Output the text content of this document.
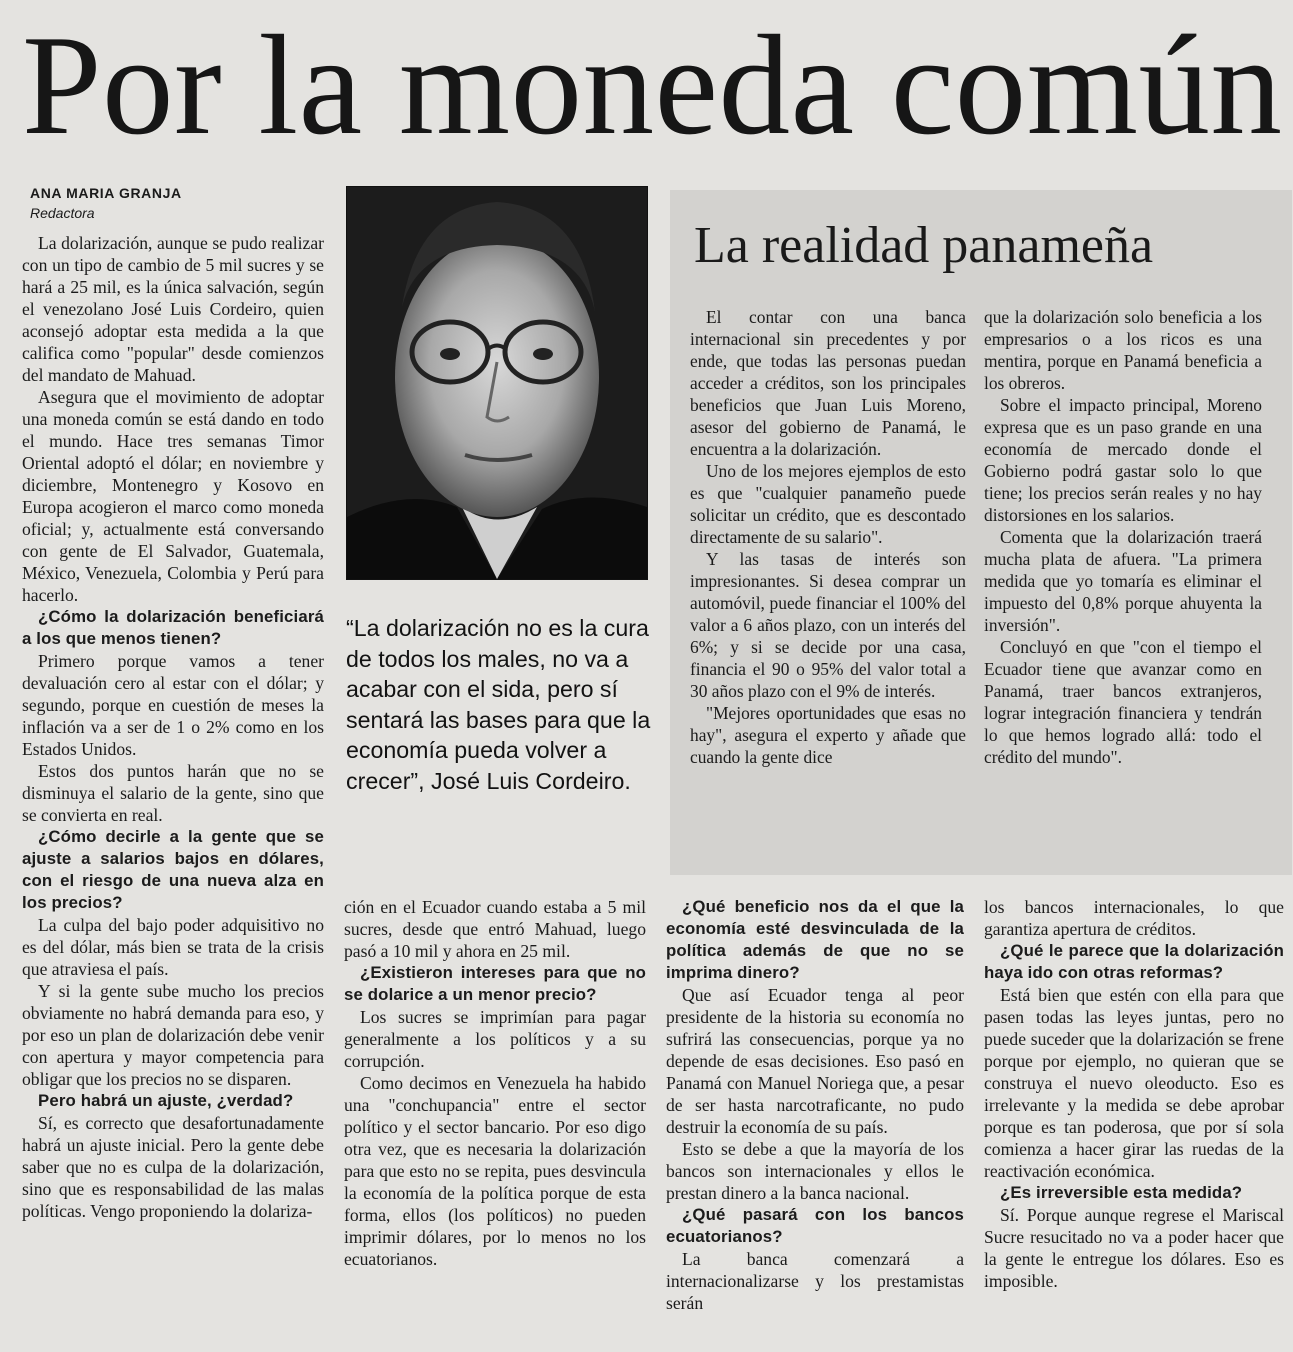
Por la moneda común
ANA MARIA GRANJA
Redactora

La dolarización, aunque se pudo realizar con un tipo de cambio de 5 mil sucres y se hará a 25 mil, es la única salvación, según el venezolano José Luis Cordeiro, quien aconsejó adoptar esta medida a la que califica como "popular" desde comienzos del mandato de Mahuad.

Asegura que el movimiento de adoptar una moneda común se está dando en todo el mundo. Hace tres semanas Timor Oriental adoptó el dólar; en noviembre y diciembre, Montenegro y Kosovo en Europa acogieron el marco como moneda oficial; y, actualmente está conversando con gente de El Salvador, Guatemala, México, Venezuela, Colombia y Perú para hacerlo.

¿Cómo la dolarización beneficiará a los que menos tienen?

Primero porque vamos a tener devaluación cero al estar con el dólar; y segundo, porque en cuestión de meses la inflación va a ser de 1 o 2% como en los Estados Unidos.

Estos dos puntos harán que no se disminuya el salario de la gente, sino que se convierta en real.

¿Cómo decirle a la gente que se ajuste a salarios bajos en dólares, con el riesgo de una nueva alza en los precios?

La culpa del bajo poder adquisitivo no es del dólar, más bien se trata de la crisis que atraviesa el país.

Y si la gente sube mucho los precios obviamente no habrá demanda para eso, y por eso un plan de dolarización debe venir con apertura y mayor competencia para obligar que los precios no se disparen.

Pero habrá un ajuste, ¿verdad?

Sí, es correcto que desafortunadamente habrá un ajuste inicial. Pero la gente debe saber que no es culpa de la dolarización, sino que es responsabilidad de las malas políticas. Vengo proponiendo la dolariza-

“La dolarización no es la cura de todos los males, no va a acabar con el sida, pero sí sentará las bases para que la economía pueda volver a crecer”, José Luis Cordeiro.
La realidad panameña

El contar con una banca internacional sin precedentes y por ende, que todas las personas puedan acceder a créditos, son los principales beneficios que Juan Luis Moreno, asesor del gobierno de Panamá, le encuentra a la dolarización.

Uno de los mejores ejemplos de esto es que "cualquier panameño puede solicitar un crédito, que es descontado directamente de su salario".

Y las tasas de interés son impresionantes. Si desea comprar un automóvil, puede financiar el 100% del valor a 6 años plazo, con un interés del 6%; y si se decide por una casa, financia el 90 o 95% del valor total a 30 años plazo con el 9% de interés.

"Mejores oportunidades que esas no hay", asegura el experto y añade que cuando la gente dice

que la dolarización solo beneficia a los empresarios o a los ricos es una mentira, porque en Panamá beneficia a los obreros.

Sobre el impacto principal, Moreno expresa que es un paso grande en una economía de mercado donde el Gobierno podrá gastar solo lo que tiene; los precios serán reales y no hay distorsiones en los salarios.

Comenta que la dolarización traerá mucha plata de afuera. "La primera medida que yo tomaría es eliminar el impuesto del 0,8% porque ahuyenta la inversión".

Concluyó en que "con el tiempo el Ecuador tiene que avanzar como en Panamá, traer bancos extranjeros, lograr integración financiera y tendrán lo que hemos logrado allá: todo el crédito del mundo".

ción en el Ecuador cuando estaba a 5 mil sucres, desde que entró Mahuad, luego pasó a 10 mil y ahora en 25 mil.

¿Existieron intereses para que no se dolarice a un menor precio?

Los sucres se imprimían para pagar generalmente a los políticos y a su corrupción.

Como decimos en Venezuela ha habido una "conchupancia" entre el sector político y el sector bancario. Por eso digo otra vez, que es necesaria la dolarización para que esto no se repita, pues desvincula la economía de la política porque de esta forma, ellos (los políticos) no pueden imprimir dólares, por lo menos no los ecuatorianos.

¿Qué beneficio nos da el que la economía esté desvinculada de la política además de que no se imprima dinero?

Que así Ecuador tenga al peor presidente de la historia su economía no sufrirá las consecuencias, porque ya no depende de esas decisiones. Eso pasó en Panamá con Manuel Noriega que, a pesar de ser hasta narcotraficante, no pudo destruir la economía de su país.

Esto se debe a que la mayoría de los bancos son internacionales y ellos le prestan dinero a la banca nacional.

¿Qué pasará con los bancos ecuatorianos?

La banca comenzará a internacionalizarse y los prestamistas serán

los bancos internacionales, lo que garantiza apertura de créditos.

¿Qué le parece que la dolarización haya ido con otras reformas?

Está bien que estén con ella para que pasen todas las leyes juntas, pero no puede suceder que la dolarización se frene porque por ejemplo, no quieran que se construya el nuevo oleoducto. Eso es irrelevante y la medida se debe aprobar porque es tan poderosa, que por sí sola comienza a hacer girar las ruedas de la reactivación económica.

¿Es irreversible esta medida?

Sí. Porque aunque regrese el Mariscal Sucre resucitado no va a poder hacer que la gente le entregue los dólares. Eso es imposible.
